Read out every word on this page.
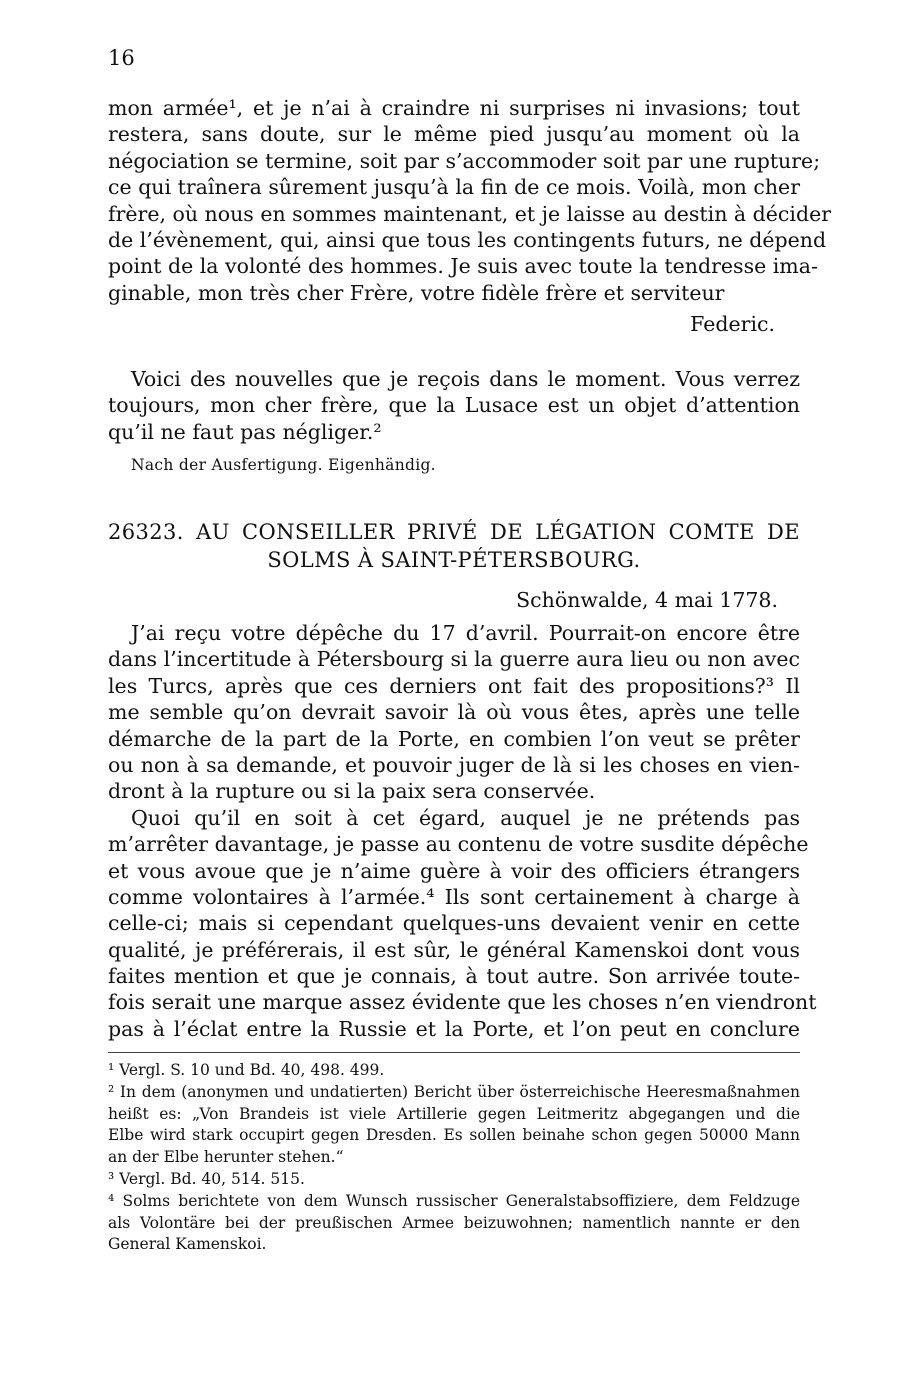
16
mon armée¹, et je n’ai à craindre ni surprises ni invasions; tout
restera, sans doute, sur le même pied jusqu’au moment où la
négociation se termine, soit par s’accommoder soit par une rupture;
ce qui traînera sûrement jusqu’à la fin de ce mois. Voilà, mon cher
frère, où nous en sommes maintenant, et je laisse au destin à décider
de l’évènement, qui, ainsi que tous les contingents futurs, ne dépend
point de la volonté des hommes. Je suis avec toute la tendresse ima-
ginable, mon très cher Frère, votre fidèle frère et serviteur
Federic.
Voici des nouvelles que je reçois dans le moment. Vous verrez
toujours, mon cher frère, que la Lusace est un objet d’attention
qu’il ne faut pas négliger.²
Nach der Ausfertigung. Eigenhändig.
26323. AU CONSEILLER PRIVÉ DE LÉGATION COMTE DE
SOLMS À SAINT-PÉTERSBOURG.
Schönwalde, 4 mai 1778.
J’ai reçu votre dépêche du 17 d’avril. Pourrait-on encore être
dans l’incertitude à Pétersbourg si la guerre aura lieu ou non avec
les Turcs, après que ces derniers ont fait des propositions?³ Il
me semble qu’on devrait savoir là où vous êtes, après une telle
démarche de la part de la Porte, en combien l’on veut se prêter
ou non à sa demande, et pouvoir juger de là si les choses en vien-
dront à la rupture ou si la paix sera conservée.
Quoi qu’il en soit à cet égard, auquel je ne prétends pas
m’arrêter davantage, je passe au contenu de votre susdite dépêche
et vous avoue que je n’aime guère à voir des officiers étrangers
comme volontaires à l’armée.⁴ Ils sont certainement à charge à
celle-ci; mais si cependant quelques-uns devaient venir en cette
qualité, je préférerais, il est sûr, le général Kamenskoi dont vous
faites mention et que je connais, à tout autre. Son arrivée toute-
fois serait une marque assez évidente que les choses n’en viendront
pas à l’éclat entre la Russie et la Porte, et l’on peut en conclure
¹ Vergl. S. 10 und Bd. 40, 498. 499.
² In dem (anonymen und undatierten) Bericht über österreichische Heeresmaßnahmen
heißt es: „Von Brandeis ist viele Artillerie gegen Leitmeritz abgegangen und die
Elbe wird stark occupirt gegen Dresden. Es sollen beinahe schon gegen 50000 Mann
an der Elbe herunter stehen.“
³ Vergl. Bd. 40, 514. 515.
⁴ Solms berichtete von dem Wunsch russischer Generalstabsoffiziere, dem Feldzuge
als Volontäre bei der preußischen Armee beizuwohnen; namentlich nannte er den
General Kamenskoi.
